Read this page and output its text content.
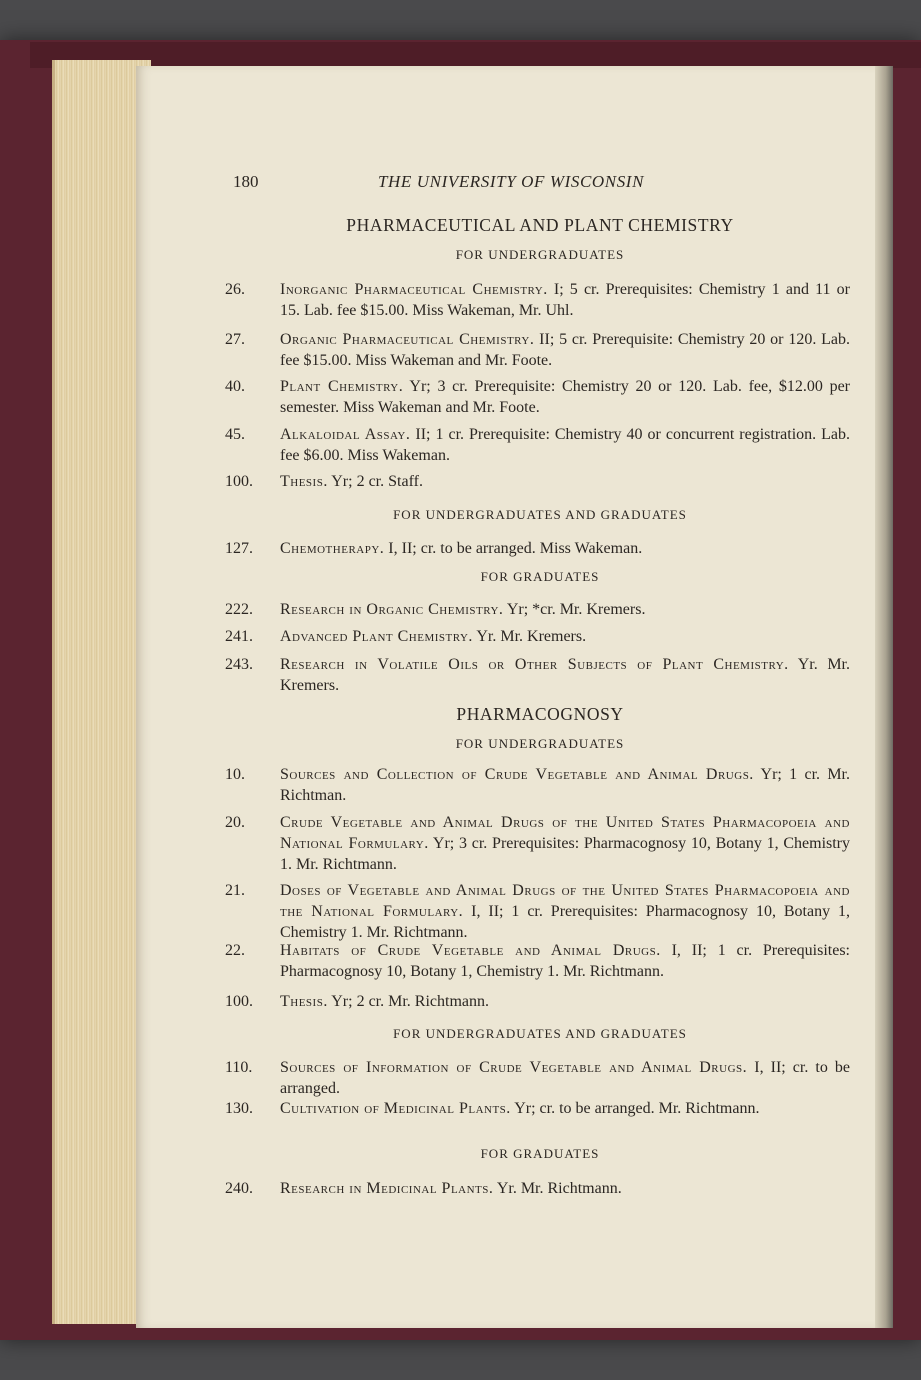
180	THE UNIVERSITY OF WISCONSIN
PHARMACEUTICAL AND PLANT CHEMISTRY
FOR UNDERGRADUATES
26.	Inorganic Pharmaceutical Chemistry. I; 5 cr. Prerequisites: Chemistry 1 and 11 or 15. Lab. fee $15.00. Miss Wakeman, Mr. Uhl.
27.	Organic Pharmaceutical Chemistry. II; 5 cr. Prerequisite: Chemistry 20 or 120. Lab. fee $15.00. Miss Wakeman and Mr. Foote.
40.	Plant Chemistry. Yr; 3 cr. Prerequisite: Chemistry 20 or 120. Lab. fee, $12.00 per semester. Miss Wakeman and Mr. Foote.
45.	Alkaloidal Assay. II; 1 cr. Prerequisite: Chemistry 40 or concurrent registration. Lab. fee $6.00. Miss Wakeman.
100.	Thesis. Yr; 2 cr. Staff.
FOR UNDERGRADUATES AND GRADUATES
127.	Chemotherapy. I, II; cr. to be arranged. Miss Wakeman.
FOR GRADUATES
222.	Research in Organic Chemistry. Yr; *cr. Mr. Kremers.
241.	Advanced Plant Chemistry. Yr. Mr. Kremers.
243.	Research in Volatile Oils or Other Subjects of Plant Chemistry. Yr. Mr. Kremers.
PHARMACOGNOSY
FOR UNDERGRADUATES
10.	Sources and Collection of Crude Vegetable and Animal Drugs. Yr; 1 cr. Mr. Richtman.
20.	Crude Vegetable and Animal Drugs of the United States Pharmacopoeia and National Formulary. Yr; 3 cr. Prerequisites: Pharmacognosy 10, Botany 1, Chemistry 1. Mr. Richtmann.
21.	Doses of Vegetable and Animal Drugs of the United States Pharmacopoeia and the National Formulary. I, II; 1 cr. Prerequisites: Pharmacognosy 10, Botany 1, Chemistry 1. Mr. Richtmann.
22.	Habitats of Crude Vegetable and Animal Drugs. I, II; 1 cr. Prerequisites: Pharmacognosy 10, Botany 1, Chemistry 1. Mr. Richtmann.
100.	Thesis. Yr; 2 cr. Mr. Richtmann.
FOR UNDERGRADUATES AND GRADUATES
110.	Sources of Information of Crude Vegetable and Animal Drugs. I, II; cr. to be arranged.
130.	Cultivation of Medicinal Plants. Yr; cr. to be arranged. Mr. Richtmann.
FOR GRADUATES
240.	Research in Medicinal Plants. Yr. Mr. Richtmann.
